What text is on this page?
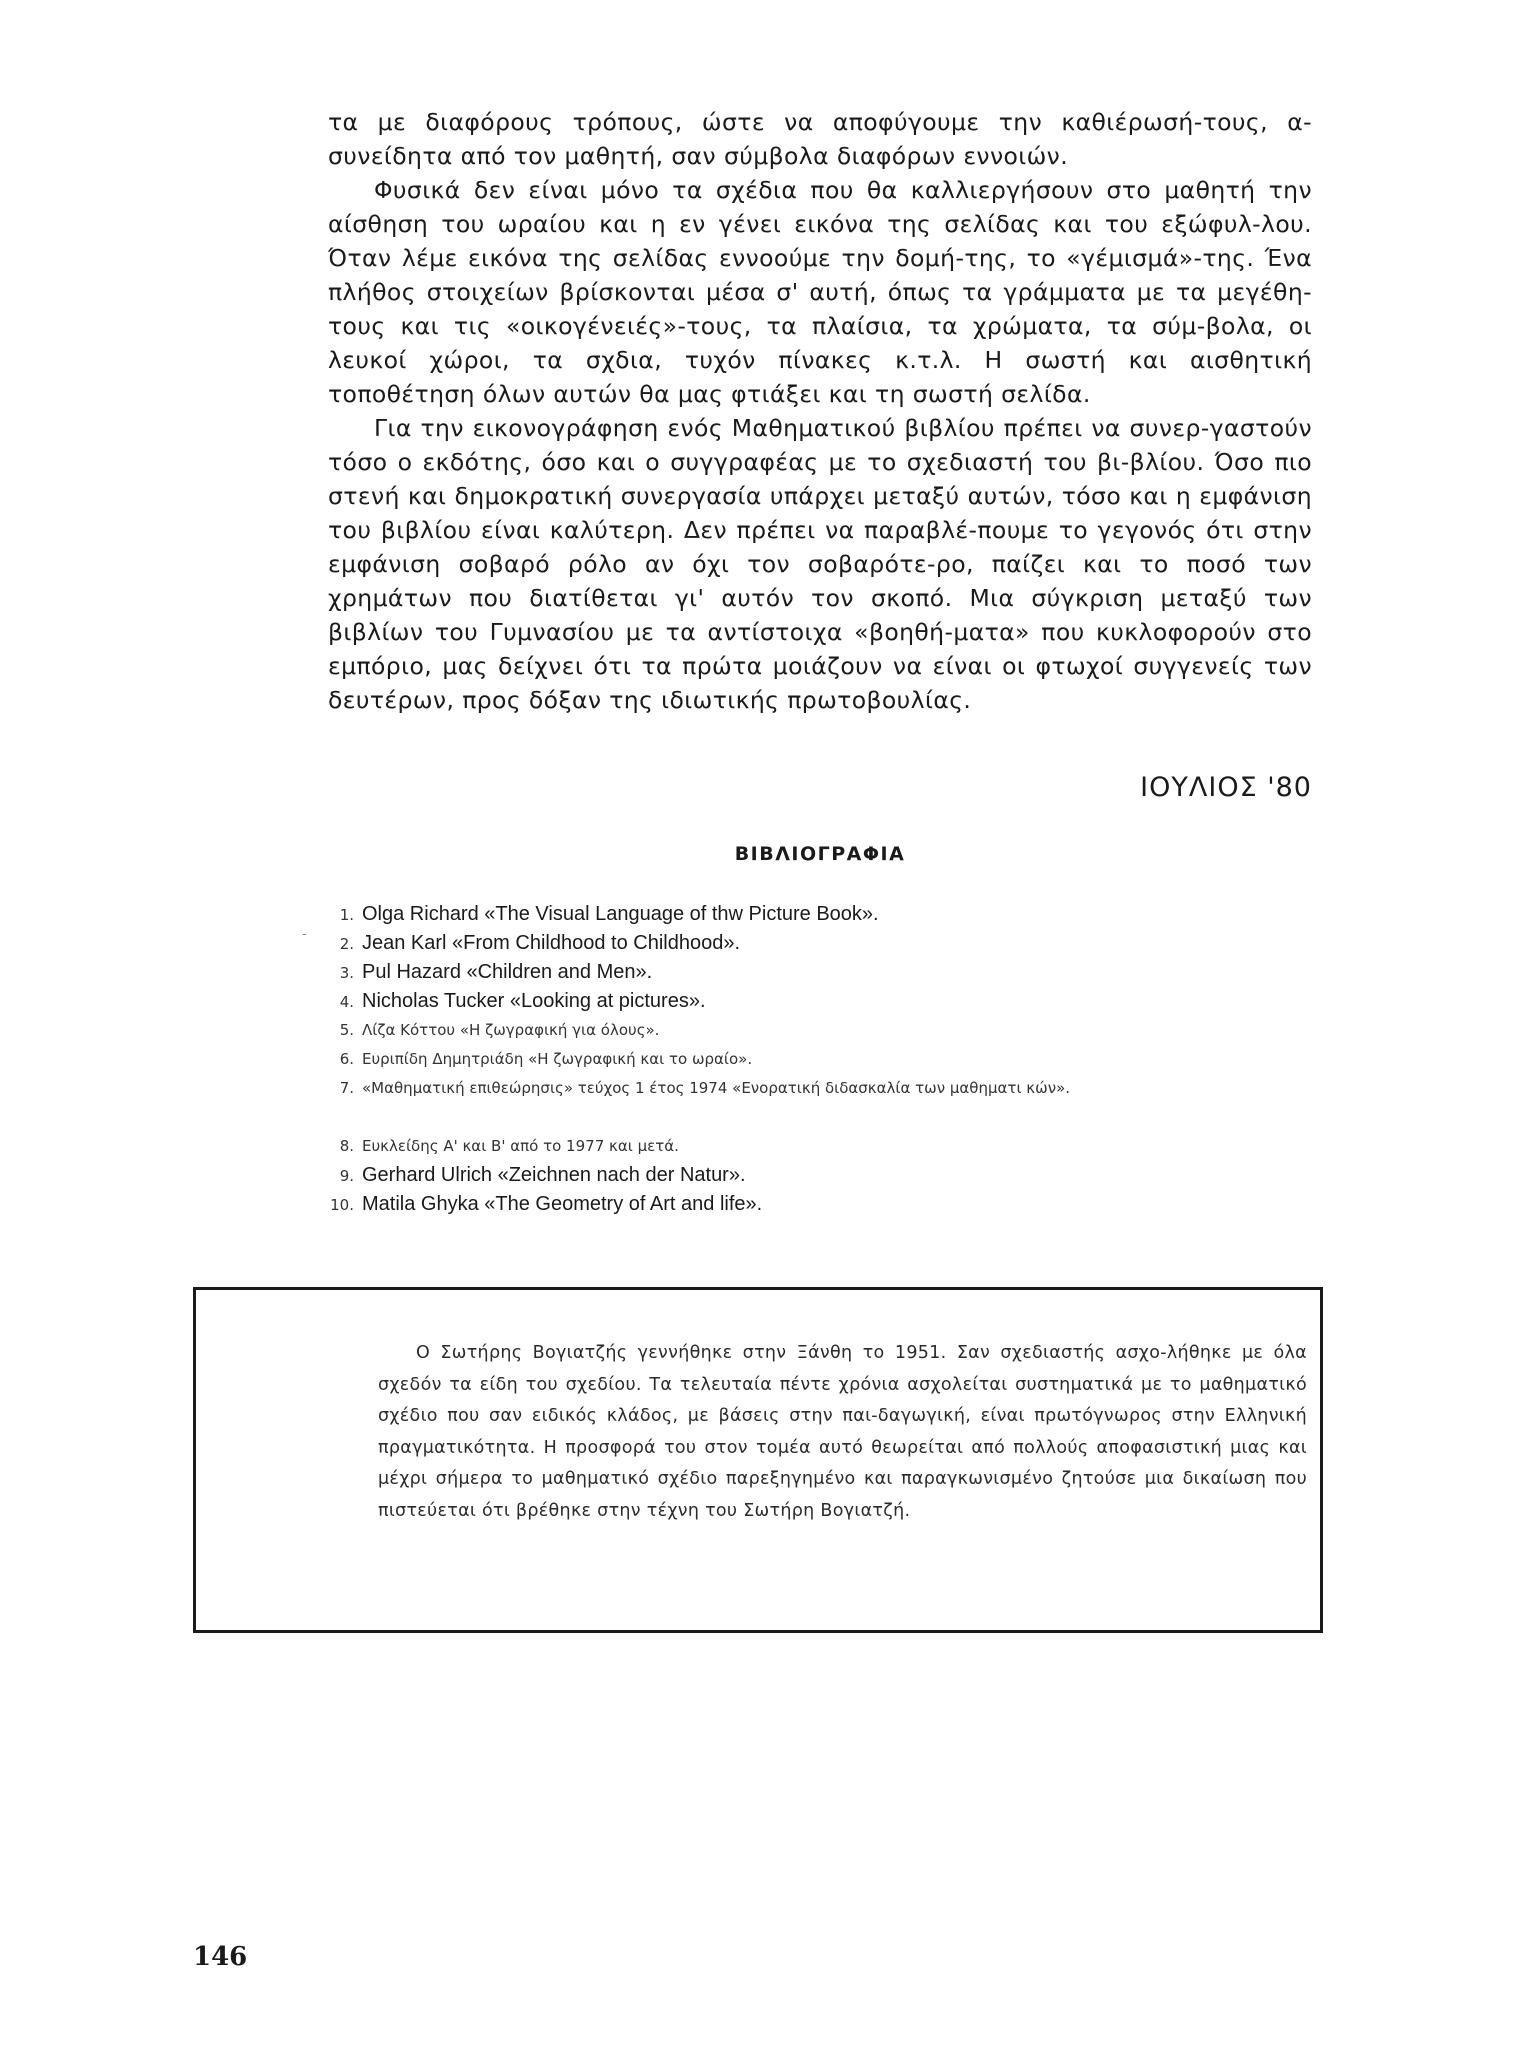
τα με διαφόρους τρόπους, ώστε να αποφύγουμε την καθιέρωσή-τους, α-συνείδητα από τον μαθητή, σαν σύμβολα διαφόρων εννοιών.

Φυσικά δεν είναι μόνο τα σχέδια που θα καλλιεργήσουν στο μαθητή την αίσθηση του ωραίου και η εν γένει εικόνα της σελίδας και του εξώφυλ-λου. Όταν λέμε εικόνα της σελίδας εννοούμε την δομή-της, το «γέμισμά»-της. Ένα πλήθος στοιχείων βρίσκονται μέσα σ' αυτή, όπως τα γράμματα με τα μεγέθη-τους και τις «οικογένειές»-τους, τα πλαίσια, τα χρώματα, τα σύμ-βολα, οι λευκοί χώροι, τα σχδια, τυχόν πίνακες κ.τ.λ. Η σωστή και αισθητική τοποθέτηση όλων αυτών θα μας φτιάξει και τη σωστή σελίδα.

Για την εικονογράφηση ενός Μαθηματικού βιβλίου πρέπει να συνερ-γαστούν τόσο ο εκδότης, όσο και ο συγγραφέας με το σχεδιαστή του βι-βλίου. Όσο πιο στενή και δημοκρατική συνεργασία υπάρχει μεταξύ αυτών, τόσο και η εμφάνιση του βιβλίου είναι καλύτερη. Δεν πρέπει να παραβλέ-πουμε το γεγονός ότι στην εμφάνιση σοβαρό ρόλο αν όχι τον σοβαρότε-ρο, παίζει και το ποσό των χρημάτων που διατίθεται γι' αυτόν τον σκοπό. Μια σύγκριση μεταξύ των βιβλίων του Γυμνασίου με τα αντίστοιχα «βοηθή-ματα» που κυκλοφορούν στο εμπόριο, μας δείχνει ότι τα πρώτα μοιάζουν να είναι οι φτωχοί συγγενείς των δευτέρων, προς δόξαν της ιδιωτικής πρωτοβουλίας.

ΙΟΥΛΙΟΣ '80
ΒΙΒΛΙΟΓΡΑΦΙΑ
-
1. Olga Richard «The Visual Language of thw Picture Book».
2. Jean Karl «From Childhood to Childhood».
3. Pul Hazard «Children and Men».
4. Nicholas Tucker «Looking at pictures».
5. Λίζα Κόττου «Η ζωγραφική για όλους».
6. Ευριπίδη Δημητριάδη «Η ζωγραφική και το ωραίο».
7. «Μαθηματική επιθεώρησις» τεύχος 1 έτος 1974 «Ενορατική διδασκαλία των μαθηματι κών».
8. Ευκλείδης Α' και Β' από το 1977 και μετά.
9. Gerhard Ulrich «Zeichnen nach der Natur».
10. Matila Ghyka «The Geometry of Art and life».

Ο Σωτήρης Βογιατζής γεννήθηκε στην Ξάνθη το 1951. Σαν σχεδιαστής ασχο-λήθηκε με όλα σχεδόν τα είδη του σχεδίου. Τα τελευταία πέντε χρόνια ασχολείται συστηματικά με το μαθηματικό σχέδιο που σαν ειδικός κλάδος, με βάσεις στην παι-δαγωγική, είναι πρωτόγνωρος στην Ελληνική πραγματικότητα. Η προσφορά του στον τομέα αυτό θεωρείται από πολλούς αποφασιστική μιας και μέχρι σήμερα το μαθηματικό σχέδιο παρεξηγημένο και παραγκωνισμένο ζητούσε μια δικαίωση που πιστεύεται ότι βρέθηκε στην τέχνη του Σωτήρη Βογιατζή.

146
